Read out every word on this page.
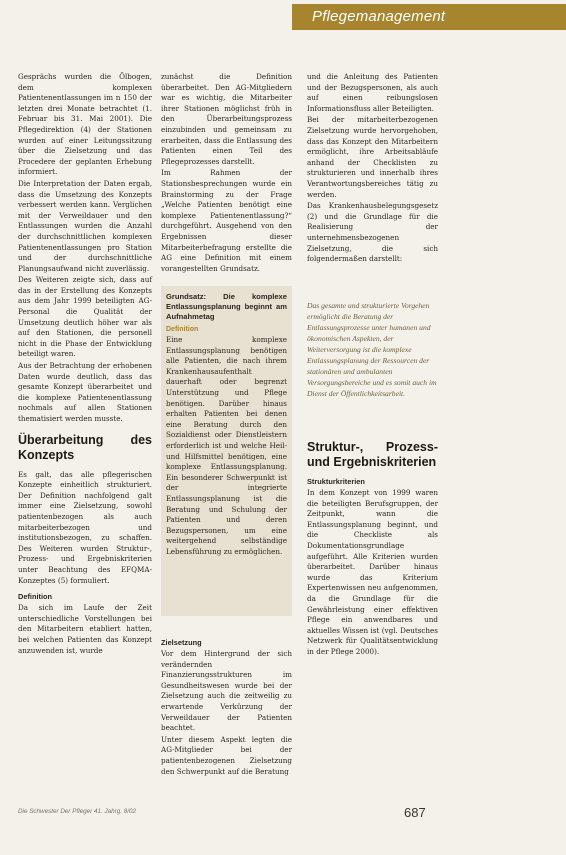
Pflegemanagement

Gesprächs wurden die Ölbogen, dem komplexen Patientenentlassungen im n 150 der letzten drei Monate betrachtet (1. Februar bis 31. Mai 2001). Die Pflegedirektion (4) der Stationen wurden auf einer Leitungssitzung über die Zielsetzung und das Procedere der geplanten Erhebung informiert.

Die Interpretation der Daten ergab, dass die Umsetzung des Konzepts verbessert werden kann. Verglichen mit der Verweildauer und den Entlassungen wurden die Anzahl der durchschnittlichen komplexen Patientenentlassungen pro Station und der durchschnittliche Planungsaufwand nicht zuverlässig.

Des Weiteren zeigte sich, dass auf das in der Erstellung des Konzepts aus dem Jahr 1999 beteiligten AG-Personal die Qualität der Umsetzung deutlich höher war als auf den Stationen, die personell nicht in die Phase der Entwicklung beteiligt waren.

Aus der Betrachtung der erhobenen Daten wurde deutlich, dass das gesamte Konzept überarbeitet und die komplexe Patientenentlassung nochmals auf allen Stationen thematisiert werden musste.

Überarbeitung des Konzepts

Es galt, das alle pflegerischen Konzepte einheitlich strukturiert. Der Definition nachfolgend galt immer eine Zielsetzung, sowohl patientenbezogen als auch mitarbeiterbezogen und institutionsbezogen, zu schaffen. Des Weiteren wurden Struktur-, Prozess- und Ergebniskriterien unter Beachtung des EFQMA-Konzeptes (5) formuliert.

Definition

Da sich im Laufe der Zeit unterschiedliche Vorstellungen bei den Mitarbeitern etabliert hatten, bei welchen Patienten das Konzept anzuwenden ist, wurde

zunächst die Definition überarbeitet. Den AG-Mitgliedern war es wichtig, die Mitarbeiter ihrer Stationen möglichst früh in den Überarbeitungsprozess einzubinden und gemeinsam zu erarbeiten, dass die Entlassung des Patienten einen Teil des Pflegeprozesses darstellt.

Im Rahmen der Stationsbesprechungen wurde ein Brainstorming zu der Frage „Welche Patienten benötigt eine komplexe Patientenentlassung?“ durchgeführt. Ausgehend von den Ergebnissen dieser Mitarbeiterbefragung erstellte die AG eine Definition mit einem vorangestellten Grundsatz.

Grundsatz: Die komplexe Entlassungsplanung beginnt am Aufnahmetag
Definition
Eine komplexe Entlassungsplanung benötigen alle Patienten, die nach ihrem Krankenhausaufenthalt dauerhaft oder begrenzt Unterstützung und Pflege benötigen. Darüber hinaus erhalten Patienten bei denen eine Beratung durch den Sozialdienst oder Dienstleistern erforderlich ist und welche Heil- und Hilfsmittel benötigen, eine komplexe Entlassungsplanung. Ein besonderer Schwerpunkt ist der integrierte Entlassungsplanung ist die Beratung und Schulung der Patienten und deren Bezugspersonen, um eine weitergehend selbständige Lebensführung zu ermöglichen.
Zielsetzung

Vor dem Hintergrund der sich verändernden Finanzierungsstrukturen im Gesundheitswesen wurde bei der Zielsetzung auch die zeitweilig zu erwartende Verkürzung der Verweildauer der Patienten beachtet.

Unter diesem Aspekt legten die AG-Mitglieder bei der patientenbezogenen Zielsetzung den Schwerpunkt auf die Beratung

und die Anleitung des Patienten und der Bezugspersonen, als auch auf einen reibungslosen Informationsfluss aller Beteiligten.

Bei der mitarbeiterbezogenen Zielsetzung wurde hervorgehoben, dass das Konzept den Mitarbeitern ermöglicht, ihre Arbeitsabläufe anhand der Checklisten zu strukturieren und innerhalb ihres Verantwortungsbereiches tätig zu werden.

Das Krankenhausbelegungsgesetz (2) und die Grundlage für die Realisierung der unternehmensbezogenen Zielsetzung, die sich folgendermaßen darstellt:

Das gesamte und strukturierte Vorgehen ermöglicht die Beratung der Entlassungsprozesse unter humanen und ökonomischen Aspekten, der Weiterversorgung ist die komplexe Entlassungsplanung der Ressourcen der stationären und ambulanten Versorgungsbereiche und es somit auch im Dienst der Öffentlichkeitsarbeit.
Struktur-, Prozess- und Ergebniskriterien
Strukturkriterien

In dem Konzept von 1999 waren die beteiligten Berufsgruppen, der Zeitpunkt, wann die Entlassungsplanung beginnt, und die Checkliste als Dokumentationsgrundlage aufgeführt. Alle Kriterien wurden überarbeitet. Darüber hinaus wurde das Kriterium Expertenwissen neu aufgenommen, da die Grundlage für die Gewährleistung einer effektiven Pflege ein anwendbares und aktuelles Wissen ist (vgl. Deutsches Netzwerk für Qualitätsentwicklung in der Pflege 2000).

Die Schwester Der Pfleger 41. Jahrg. 8/02	687
